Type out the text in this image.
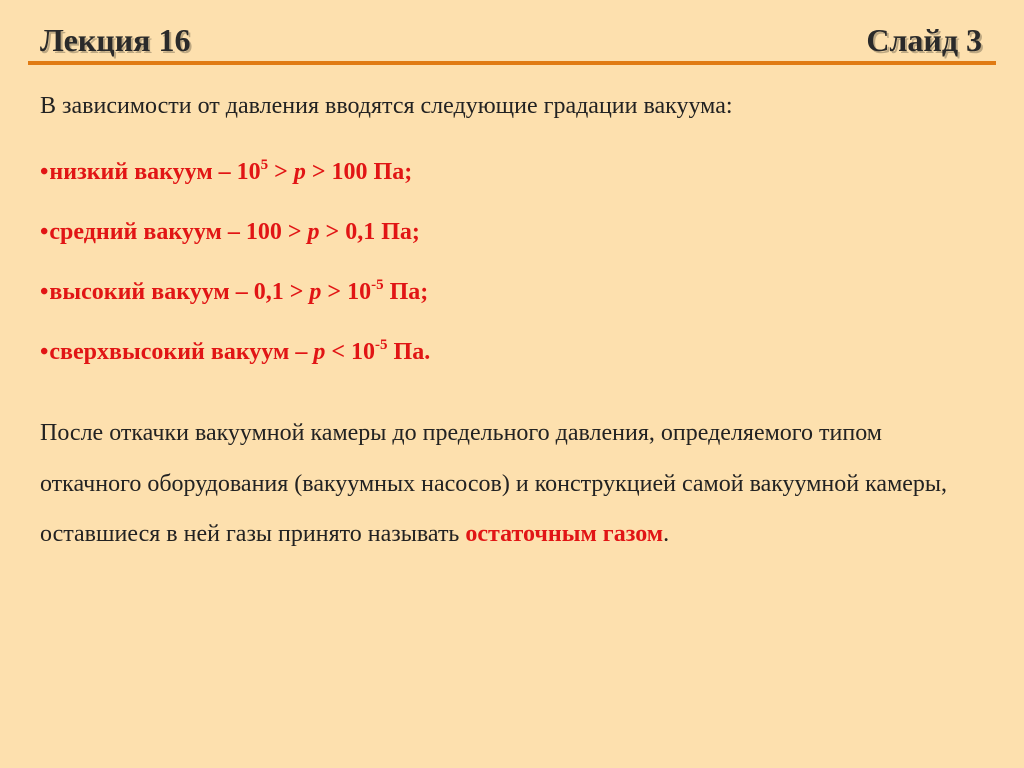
Лекция 16	Слайд 3
В зависимости от давления вводятся следующие градации вакуума:
•низкий вакуум – $10^5 > p > 100$ Па;
•средний вакуум – 100 > p > 0,1 Па;
•высокий вакуум – $0,1 > p > 10^{-5}$ Па;
•сверхвысокий вакуум – $p < 10^{-5}$ Па.

После откачки вакуумной камеры до предельного давления, определяемого типом откачного оборудования (вакуумных насосов) и конструкцией самой вакуумной камеры, оставшиеся в ней газы принято называть остаточным газом.
